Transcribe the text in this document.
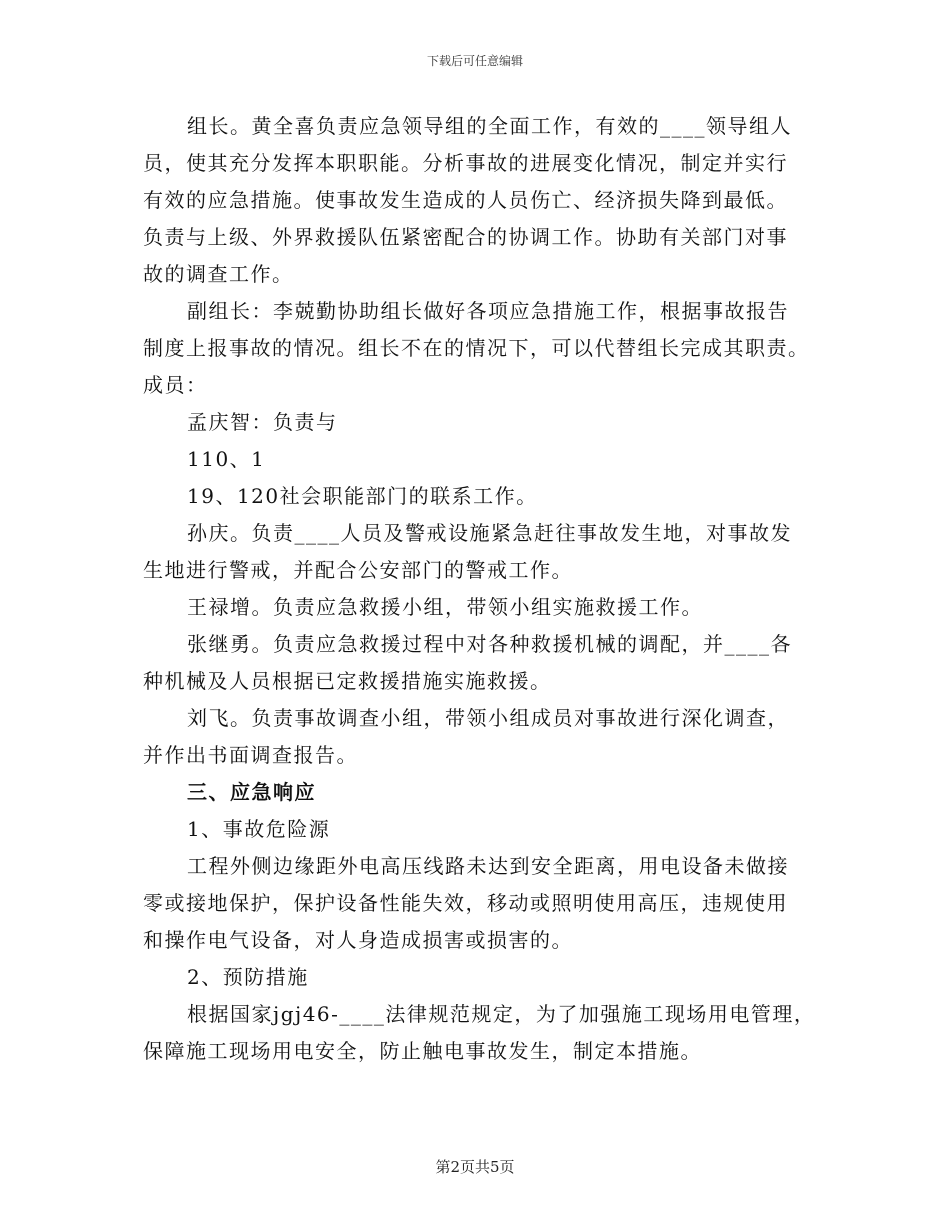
下载后可任意编辑
组长。黄全喜负责应急领导组的全面工作，有效的____领导组人
员，使其充分发挥本职职能。分析事故的进展变化情况，制定并实行
有效的应急措施。使事故发生造成的人员伤亡、经济损失降到最低。
负责与上级、外界救援队伍紧密配合的协调工作。协助有关部门对事
故的调查工作。
副组长：李兢勤协助组长做好各项应急措施工作，根据事故报告
制度上报事故的情况。组长不在的情况下，可以代替组长完成其职责。
成员：
孟庆智：负责与
110、1
19、120社会职能部门的联系工作。
孙庆。负责____人员及警戒设施紧急赶往事故发生地，对事故发
生地进行警戒，并配合公安部门的警戒工作。
王禄增。负责应急救援小组，带领小组实施救援工作。
张继勇。负责应急救援过程中对各种救援机械的调配，并____各
种机械及人员根据已定救援措施实施救援。
刘飞。负责事故调查小组，带领小组成员对事故进行深化调查，
并作出书面调查报告。
三、应急响应
1、事故危险源
工程外侧边缘距外电高压线路未达到安全距离，用电设备未做接
零或接地保护，保护设备性能失效，移动或照明使用高压，违规使用
和操作电气设备，对人身造成损害或损害的。
2、预防措施
根据国家jgj46-____法律规范规定，为了加强施工现场用电管理，
保障施工现场用电安全，防止触电事故发生，制定本措施。
第2页共5页
